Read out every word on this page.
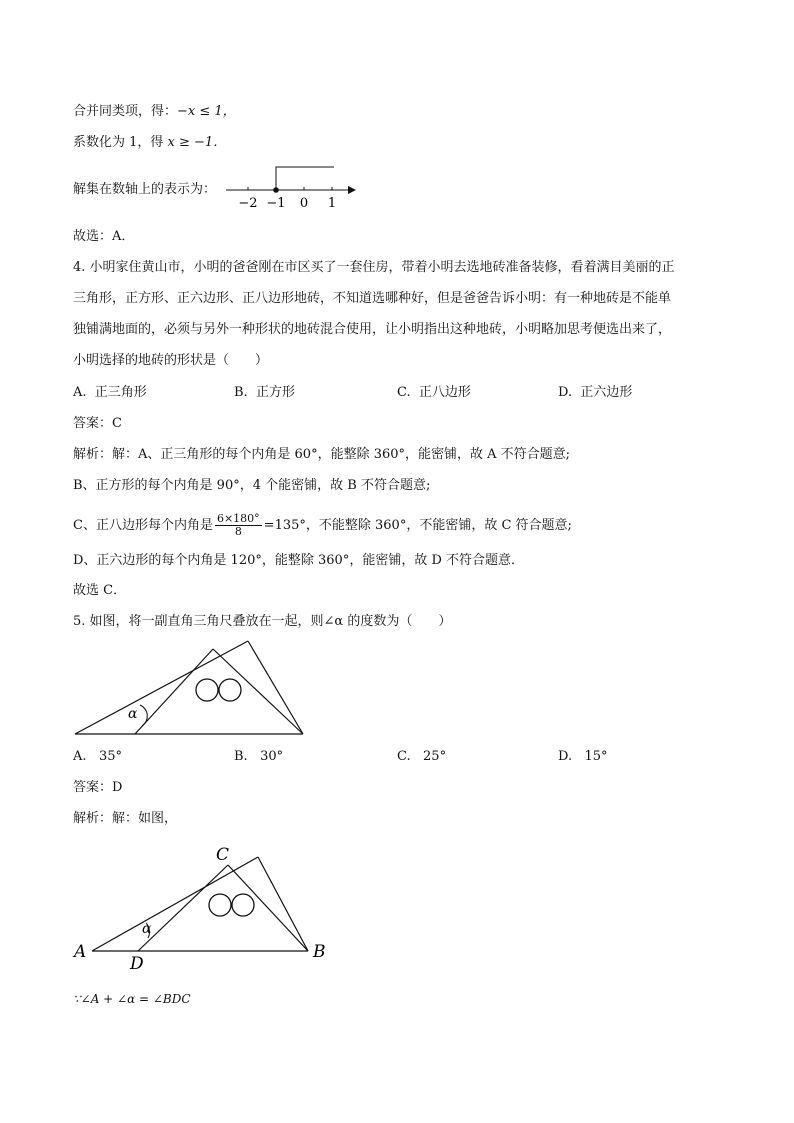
合并同类项，得：−x ≤ 1，
系数化为 1，得 x ≥ −1．
解集在数轴上的表示为：
−2 −1 0 1
故选：A．
4. 小明家住黄山市，小明的爸爸刚在市区买了一套住房，带着小明去选地砖准备装修，看着满目美丽的正
三角形，正方形、正六边形、正八边形地砖，不知道选哪种好，但是爸爸告诉小明：有一种地砖是不能单
独铺满地面的，必须与另外一种形状的地砖混合使用，让小明指出这种地砖，小明略加思考便选出来了，
小明选择的地砖的形状是（　　）
A. 正三角形	B. 正方形	C. 正八边形	D. 正六边形
答案：C
解析：解：A、正三角形的每个内角是 60°，能整除 360°，能密铺，故 A 不符合题意;
B、正方形的每个内角是 90°，4 个能密铺，故 B 不符合题意;
C、正八边形每个内角是 $\frac{6\times 180^\circ}{8} =135^\circ$，不能整除 360°，不能密铺，故 C 符合题意;
D、正六边形的每个内角是 120°，能整除 360°，能密铺，故 D 不符合题意．
故选 C．
5. 如图，将一副直角三角尺叠放在一起，则∠α 的度数为（　　）
α
A. 35°	B. 30°	C. 25°	D. 15°
答案：D
解析：解：如图，
α
A	B
C
D
∵∠A + ∠α = ∠BDC
